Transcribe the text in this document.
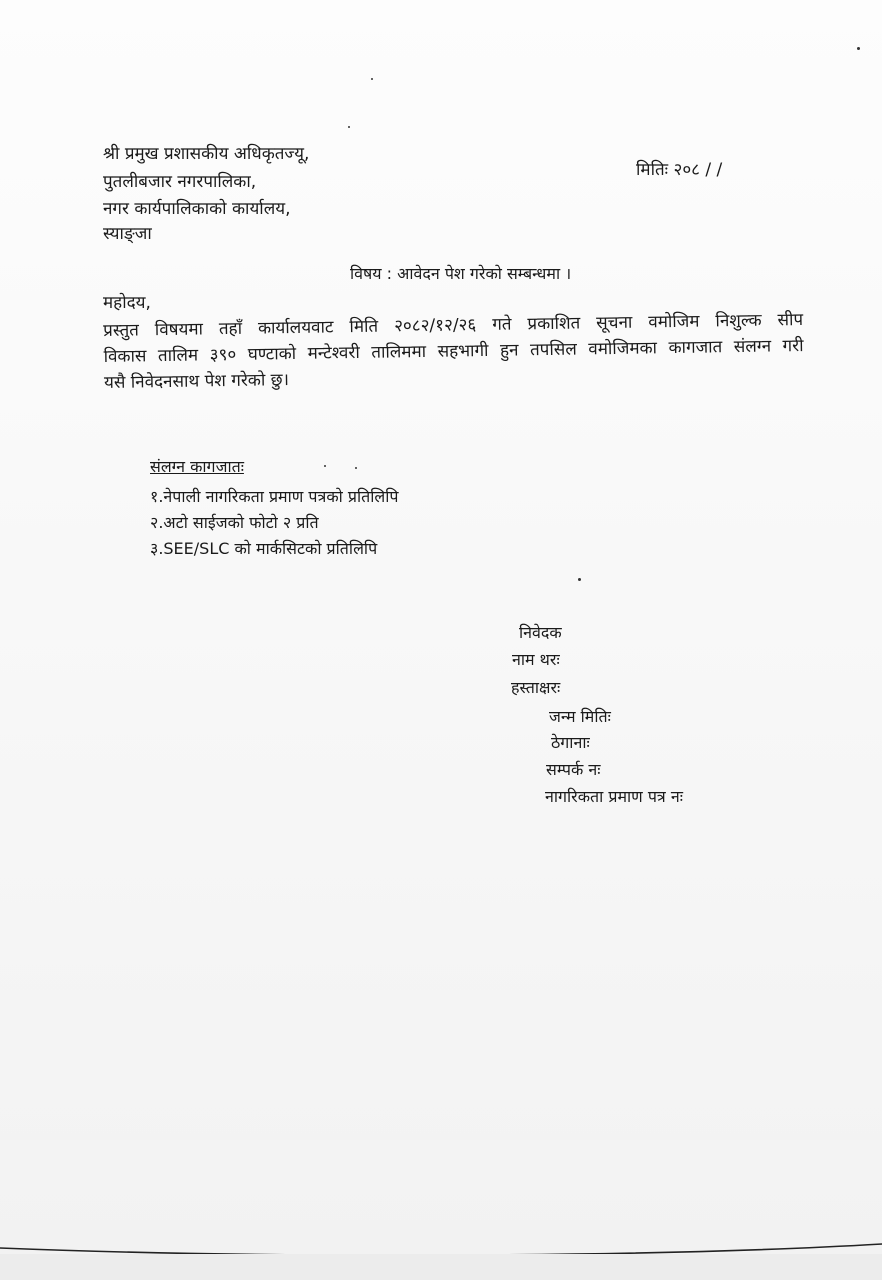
श्री प्रमुख प्रशासकीय अधिकृतज्यू,
पुतलीबजार नगरपालिका,
नगर कार्यपालिकाको कार्यालय,
स्याङ्जा
मितिः २०८ / /
विषय : आवेदन पेश गरेको सम्बन्धमा ।
महोदय,
प्रस्तुत विषयमा तहाँ कार्यालयवाट मिति २०८२/१२/२६ गते प्रकाशित सूचना वमोजिम निशुल्क सीप
विकास तालिम ३९० घण्टाको मन्टेश्वरी तालिममा सहभागी हुन तपसिल वमोजिमका कागजात संलग्न गरी
यसै निवेदनसाथ पेश गरेको छु।
संलग्न कागजातः
१.नेपाली नागरिकता प्रमाण पत्रको प्रतिलिपि
२.अटो साईजको फोटो २ प्रति
३.SEE/SLC को मार्कसिटको प्रतिलिपि
निवेदक
नाम थरः
हस्ताक्षरः
जन्म मितिः
ठेगानाः
सम्पर्क नः
नागरिकता प्रमाण पत्र नः
